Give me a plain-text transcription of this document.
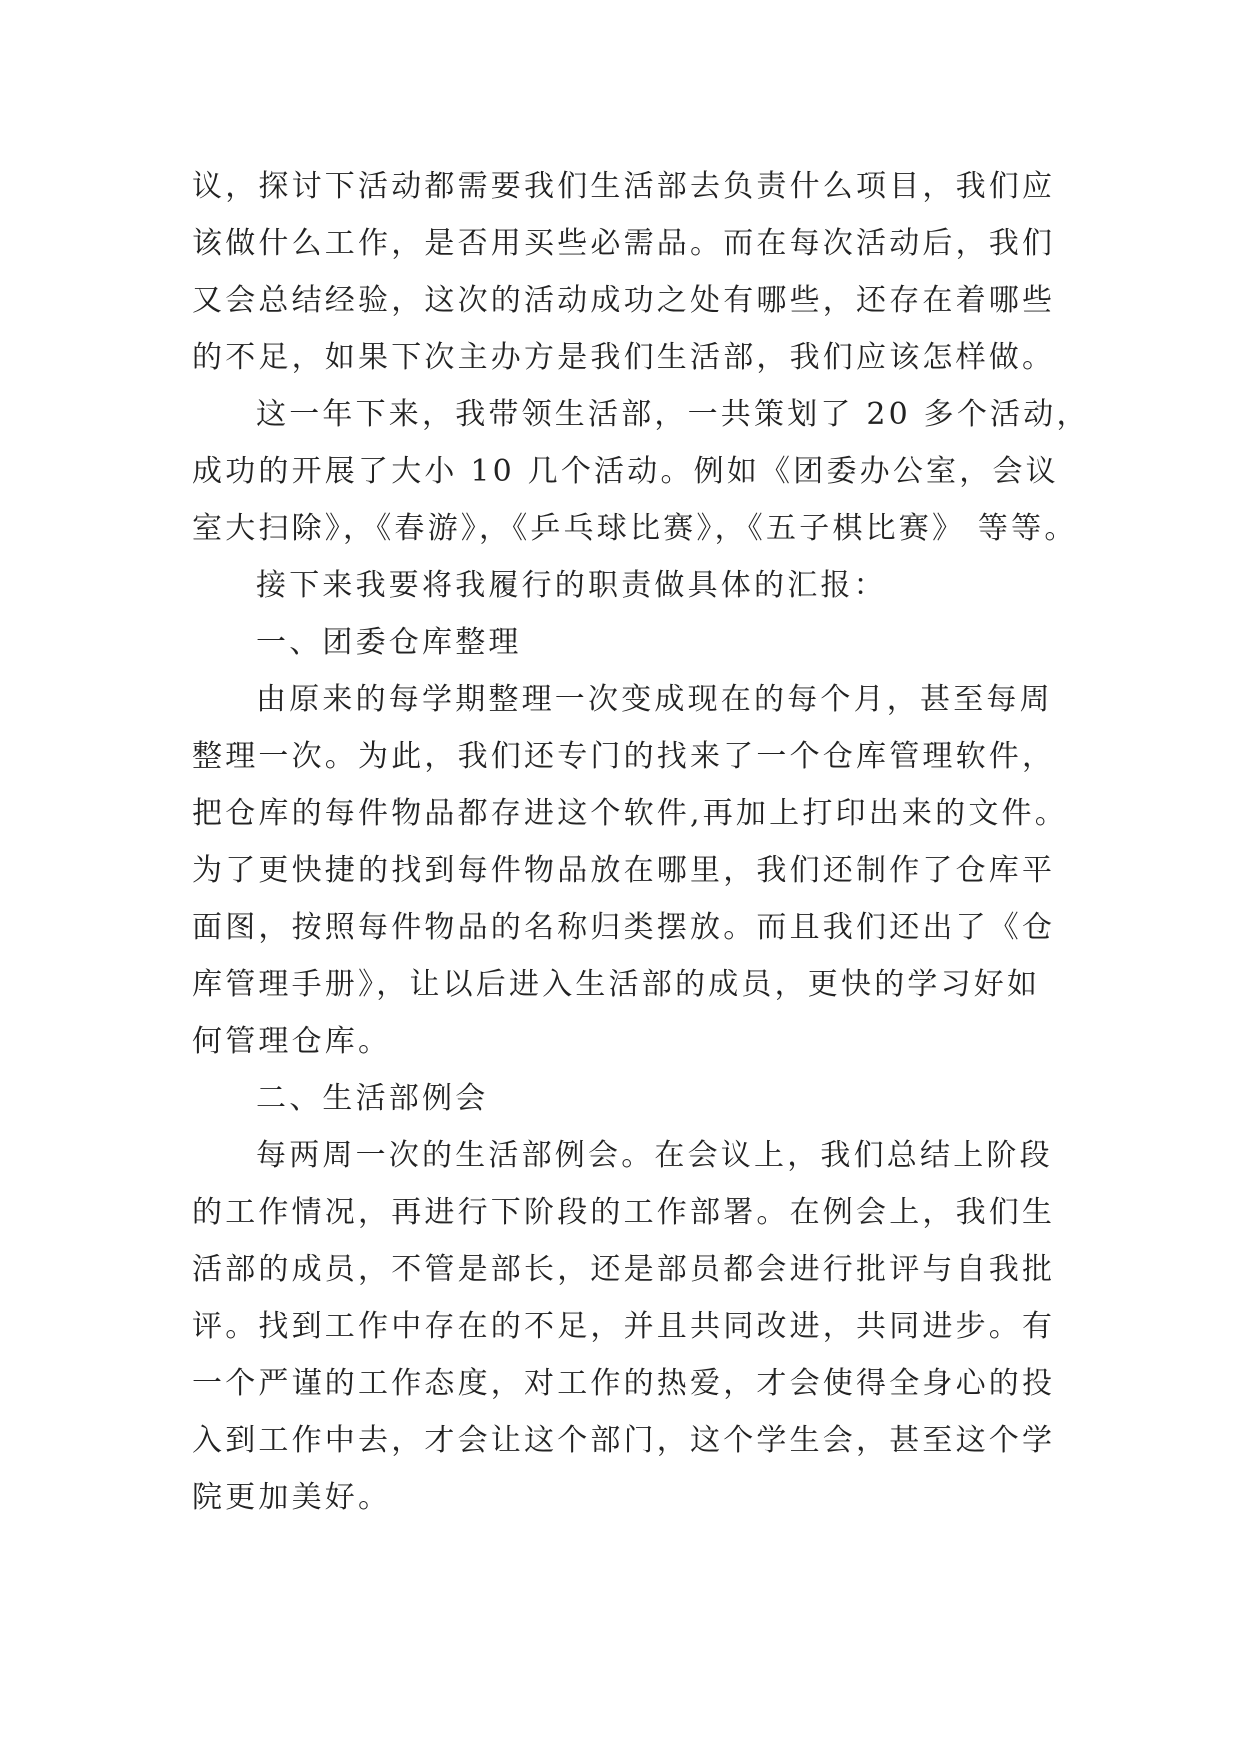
议，探讨下活动都需要我们生活部去负责什么项目，我们应
该做什么工作，是否用买些必需品。而在每次活动后，我们
又会总结经验，这次的活动成功之处有哪些，还存在着哪些
的不足，如果下次主办方是我们生活部，我们应该怎样做。
这一年下来，我带领生活部，一共策划了 20 多个活动，
成功的开展了大小 10 几个活动。例如《团委办公室，会议
室大扫除》，《春游》，《乒乓球比赛》，《五子棋比赛》 等等。
接下来我要将我履行的职责做具体的汇报：
一、团委仓库整理
由原来的每学期整理一次变成现在的每个月，甚至每周
整理一次。为此，我们还专门的找来了一个仓库管理软件，
把仓库的每件物品都存进这个软件,再加上打印出来的文件。
为了更快捷的找到每件物品放在哪里，我们还制作了仓库平
面图，按照每件物品的名称归类摆放。而且我们还出了《仓
库管理手册》，让以后进入生活部的成员，更快的学习好如
何管理仓库。
二、生活部例会
每两周一次的生活部例会。在会议上，我们总结上阶段
的工作情况，再进行下阶段的工作部署。在例会上，我们生
活部的成员，不管是部长，还是部员都会进行批评与自我批
评。找到工作中存在的不足，并且共同改进，共同进步。有
一个严谨的工作态度，对工作的热爱，才会使得全身心的投
入到工作中去，才会让这个部门，这个学生会，甚至这个学
院更加美好。
